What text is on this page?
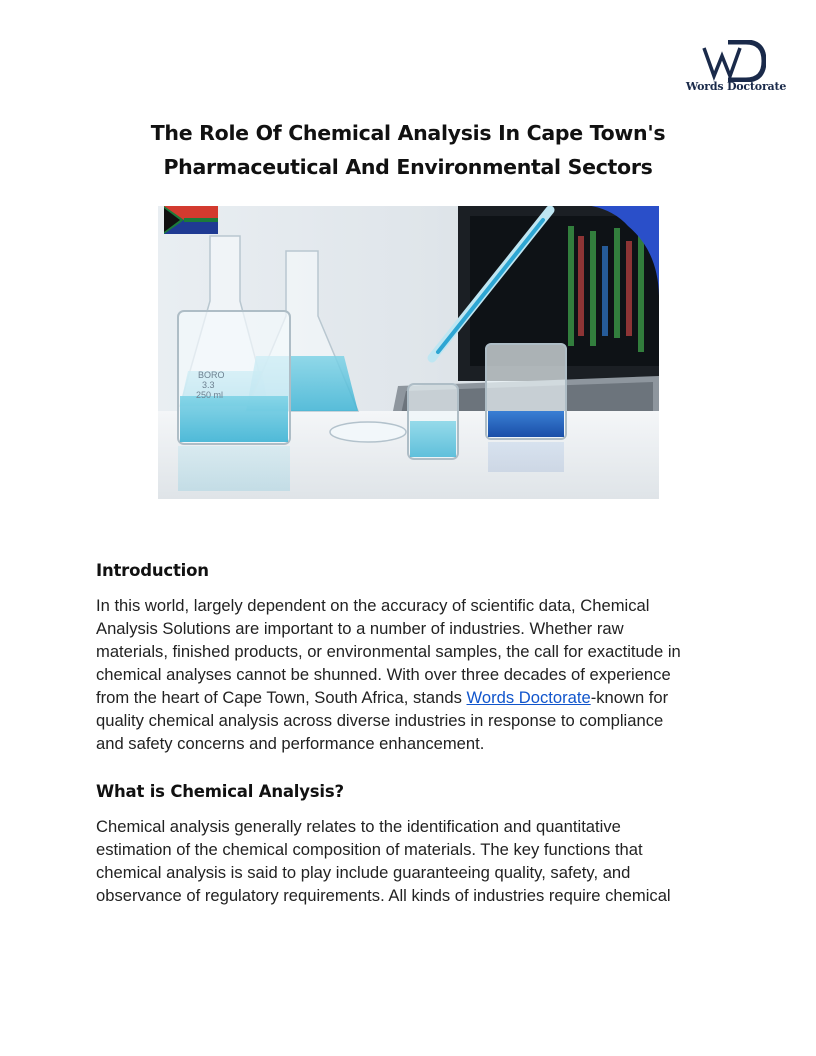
Words Doctorate
The Role Of Chemical Analysis In Cape Town's
Pharmaceutical And Environmental Sectors
BORO
3.3
250 ml
Introduction
In this world, largely dependent on the accuracy of scientific data, Chemical
Analysis Solutions are important to a number of industries. Whether raw
materials, finished products, or environmental samples, the call for exactitude in
chemical analyses cannot be shunned. With over three decades of experience
from the heart of Cape Town, South Africa, stands Words Doctorate-known for
quality chemical analysis across diverse industries in response to compliance
and safety concerns and performance enhancement.
What is Chemical Analysis?
Chemical analysis generally relates to the identification and quantitative
estimation of the chemical composition of materials. The key functions that
chemical analysis is said to play include guaranteeing quality, safety, and
observance of regulatory requirements. All kinds of industries require chemical
